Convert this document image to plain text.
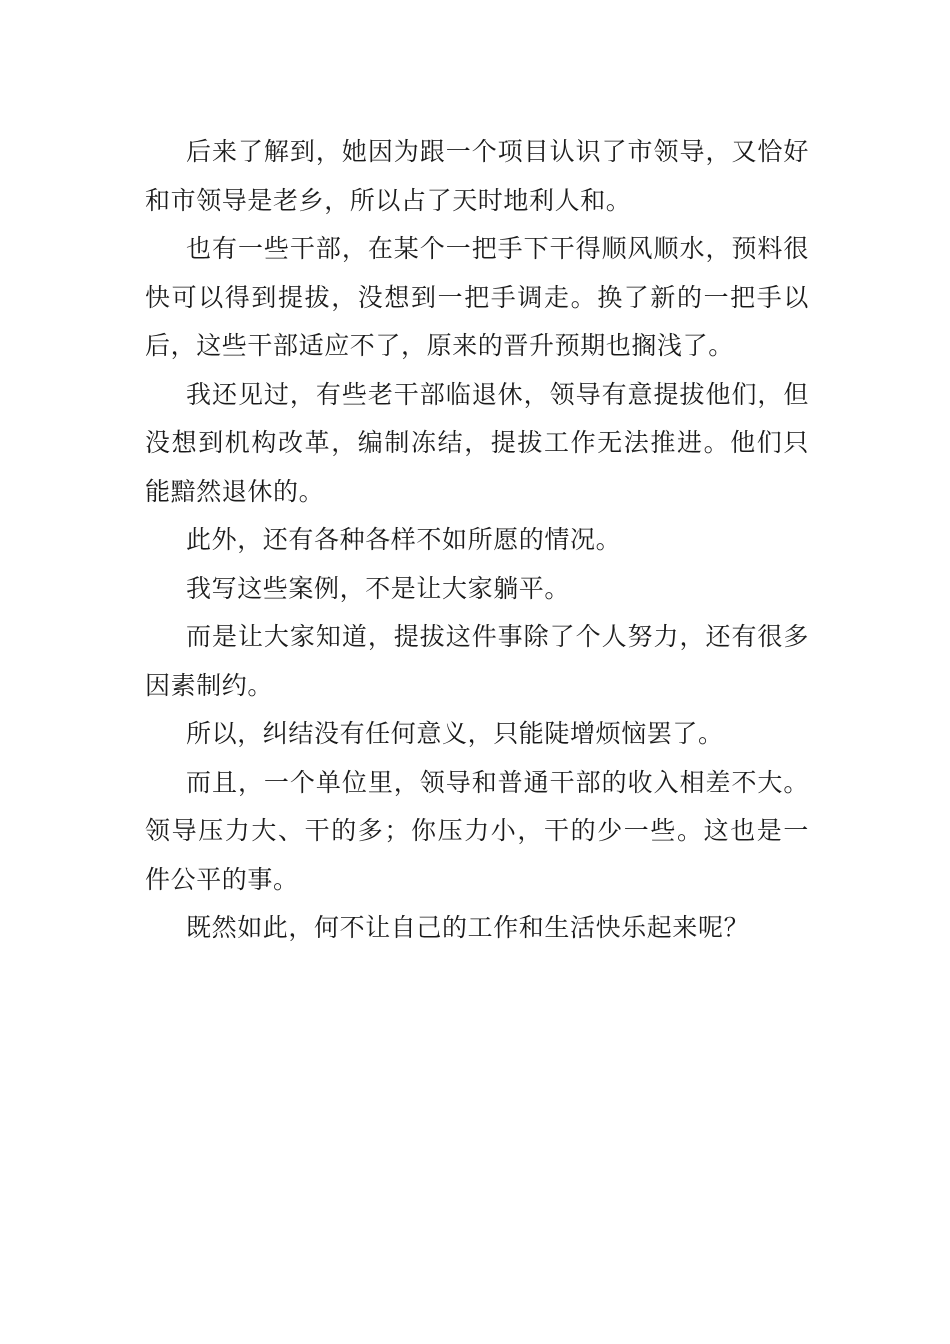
后来了解到，她因为跟一个项目认识了市领导，又恰好和市领导是老乡，所以占了天时地利人和。

也有一些干部，在某个一把手下干得顺风顺水，预料很快可以得到提拔，没想到一把手调走。换了新的一把手以后，这些干部适应不了，原来的晋升预期也搁浅了。

我还见过，有些老干部临退休，领导有意提拔他们，但没想到机构改革，编制冻结，提拔工作无法推进。他们只能黯然退休的。

此外，还有各种各样不如所愿的情况。

我写这些案例，不是让大家躺平。

而是让大家知道，提拔这件事除了个人努力，还有很多因素制约。

所以，纠结没有任何意义，只能陡增烦恼罢了。

而且，一个单位里，领导和普通干部的收入相差不大。领导压力大、干的多；你压力小，干的少一些。这也是一件公平的事。

既然如此，何不让自己的工作和生活快乐起来呢？
